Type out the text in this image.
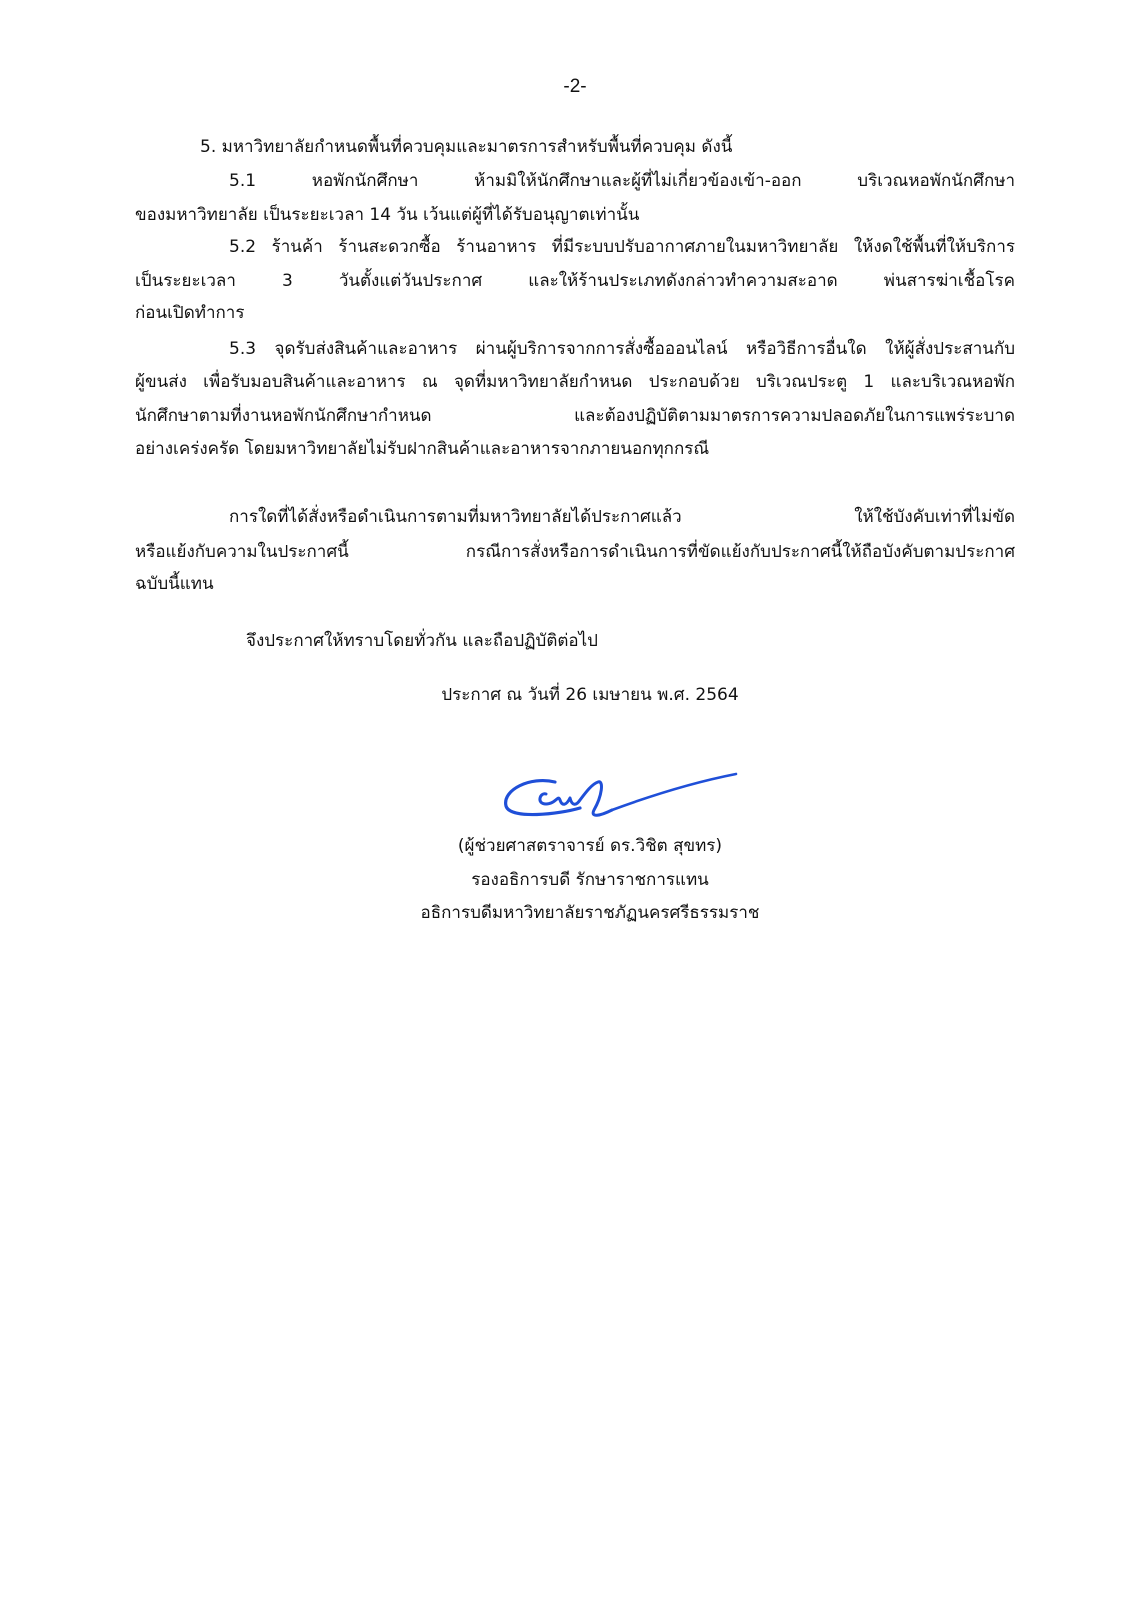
-2-
5. มหาวิทยาลัยกำหนดพื้นที่ควบคุมและมาตรการสำหรับพื้นที่ควบคุม ดังนี้
5.1 หอพักนักศึกษา ห้ามมิให้นักศึกษาและผู้ที่ไม่เกี่ยวข้องเข้า-ออก บริเวณหอพักนักศึกษา
ของมหาวิทยาลัย เป็นระยะเวลา 14 วัน เว้นแต่ผู้ที่ได้รับอนุญาตเท่านั้น
5.2 ร้านค้า ร้านสะดวกซื้อ ร้านอาหาร ที่มีระบบปรับอากาศภายในมหาวิทยาลัย ให้งดใช้พื้นที่ให้บริการ
เป็นระยะเวลา 3 วันตั้งแต่วันประกาศ และให้ร้านประเภทดังกล่าวทำความสะอาด พ่นสารฆ่าเชื้อโรค
ก่อนเปิดทำการ
5.3 จุดรับส่งสินค้าและอาหาร ผ่านผู้บริการจากการสั่งซื้อออนไลน์ หรือวิธีการอื่นใด ให้ผู้สั่งประสานกับ
ผู้ขนส่ง เพื่อรับมอบสินค้าและอาหาร ณ จุดที่มหาวิทยาลัยกำหนด ประกอบด้วย บริเวณประตู 1 และบริเวณหอพัก
นักศึกษาตามที่งานหอพักนักศึกษากำหนด และต้องปฏิบัติตามมาตรการความปลอดภัยในการแพร่ระบาด
อย่างเคร่งครัด โดยมหาวิทยาลัยไม่รับฝากสินค้าและอาหารจากภายนอกทุกกรณี
การใดที่ได้สั่งหรือดำเนินการตามที่มหาวิทยาลัยได้ประกาศแล้ว ให้ใช้บังคับเท่าที่ไม่ขัด
หรือแย้งกับความในประกาศนี้ กรณีการสั่งหรือการดำเนินการที่ขัดแย้งกับประกาศนี้ให้ถือบังคับตามประกาศ
ฉบับนี้แทน
จึงประกาศให้ทราบโดยทั่วกัน และถือปฏิบัติต่อไป
ประกาศ ณ วันที่ 26 เมษายน พ.ศ. 2564
(ผู้ช่วยศาสตราจารย์ ดร.วิชิต สุขทร)
รองอธิการบดี รักษาราชการแทน
อธิการบดีมหาวิทยาลัยราชภัฏนครศรีธรรมราช
